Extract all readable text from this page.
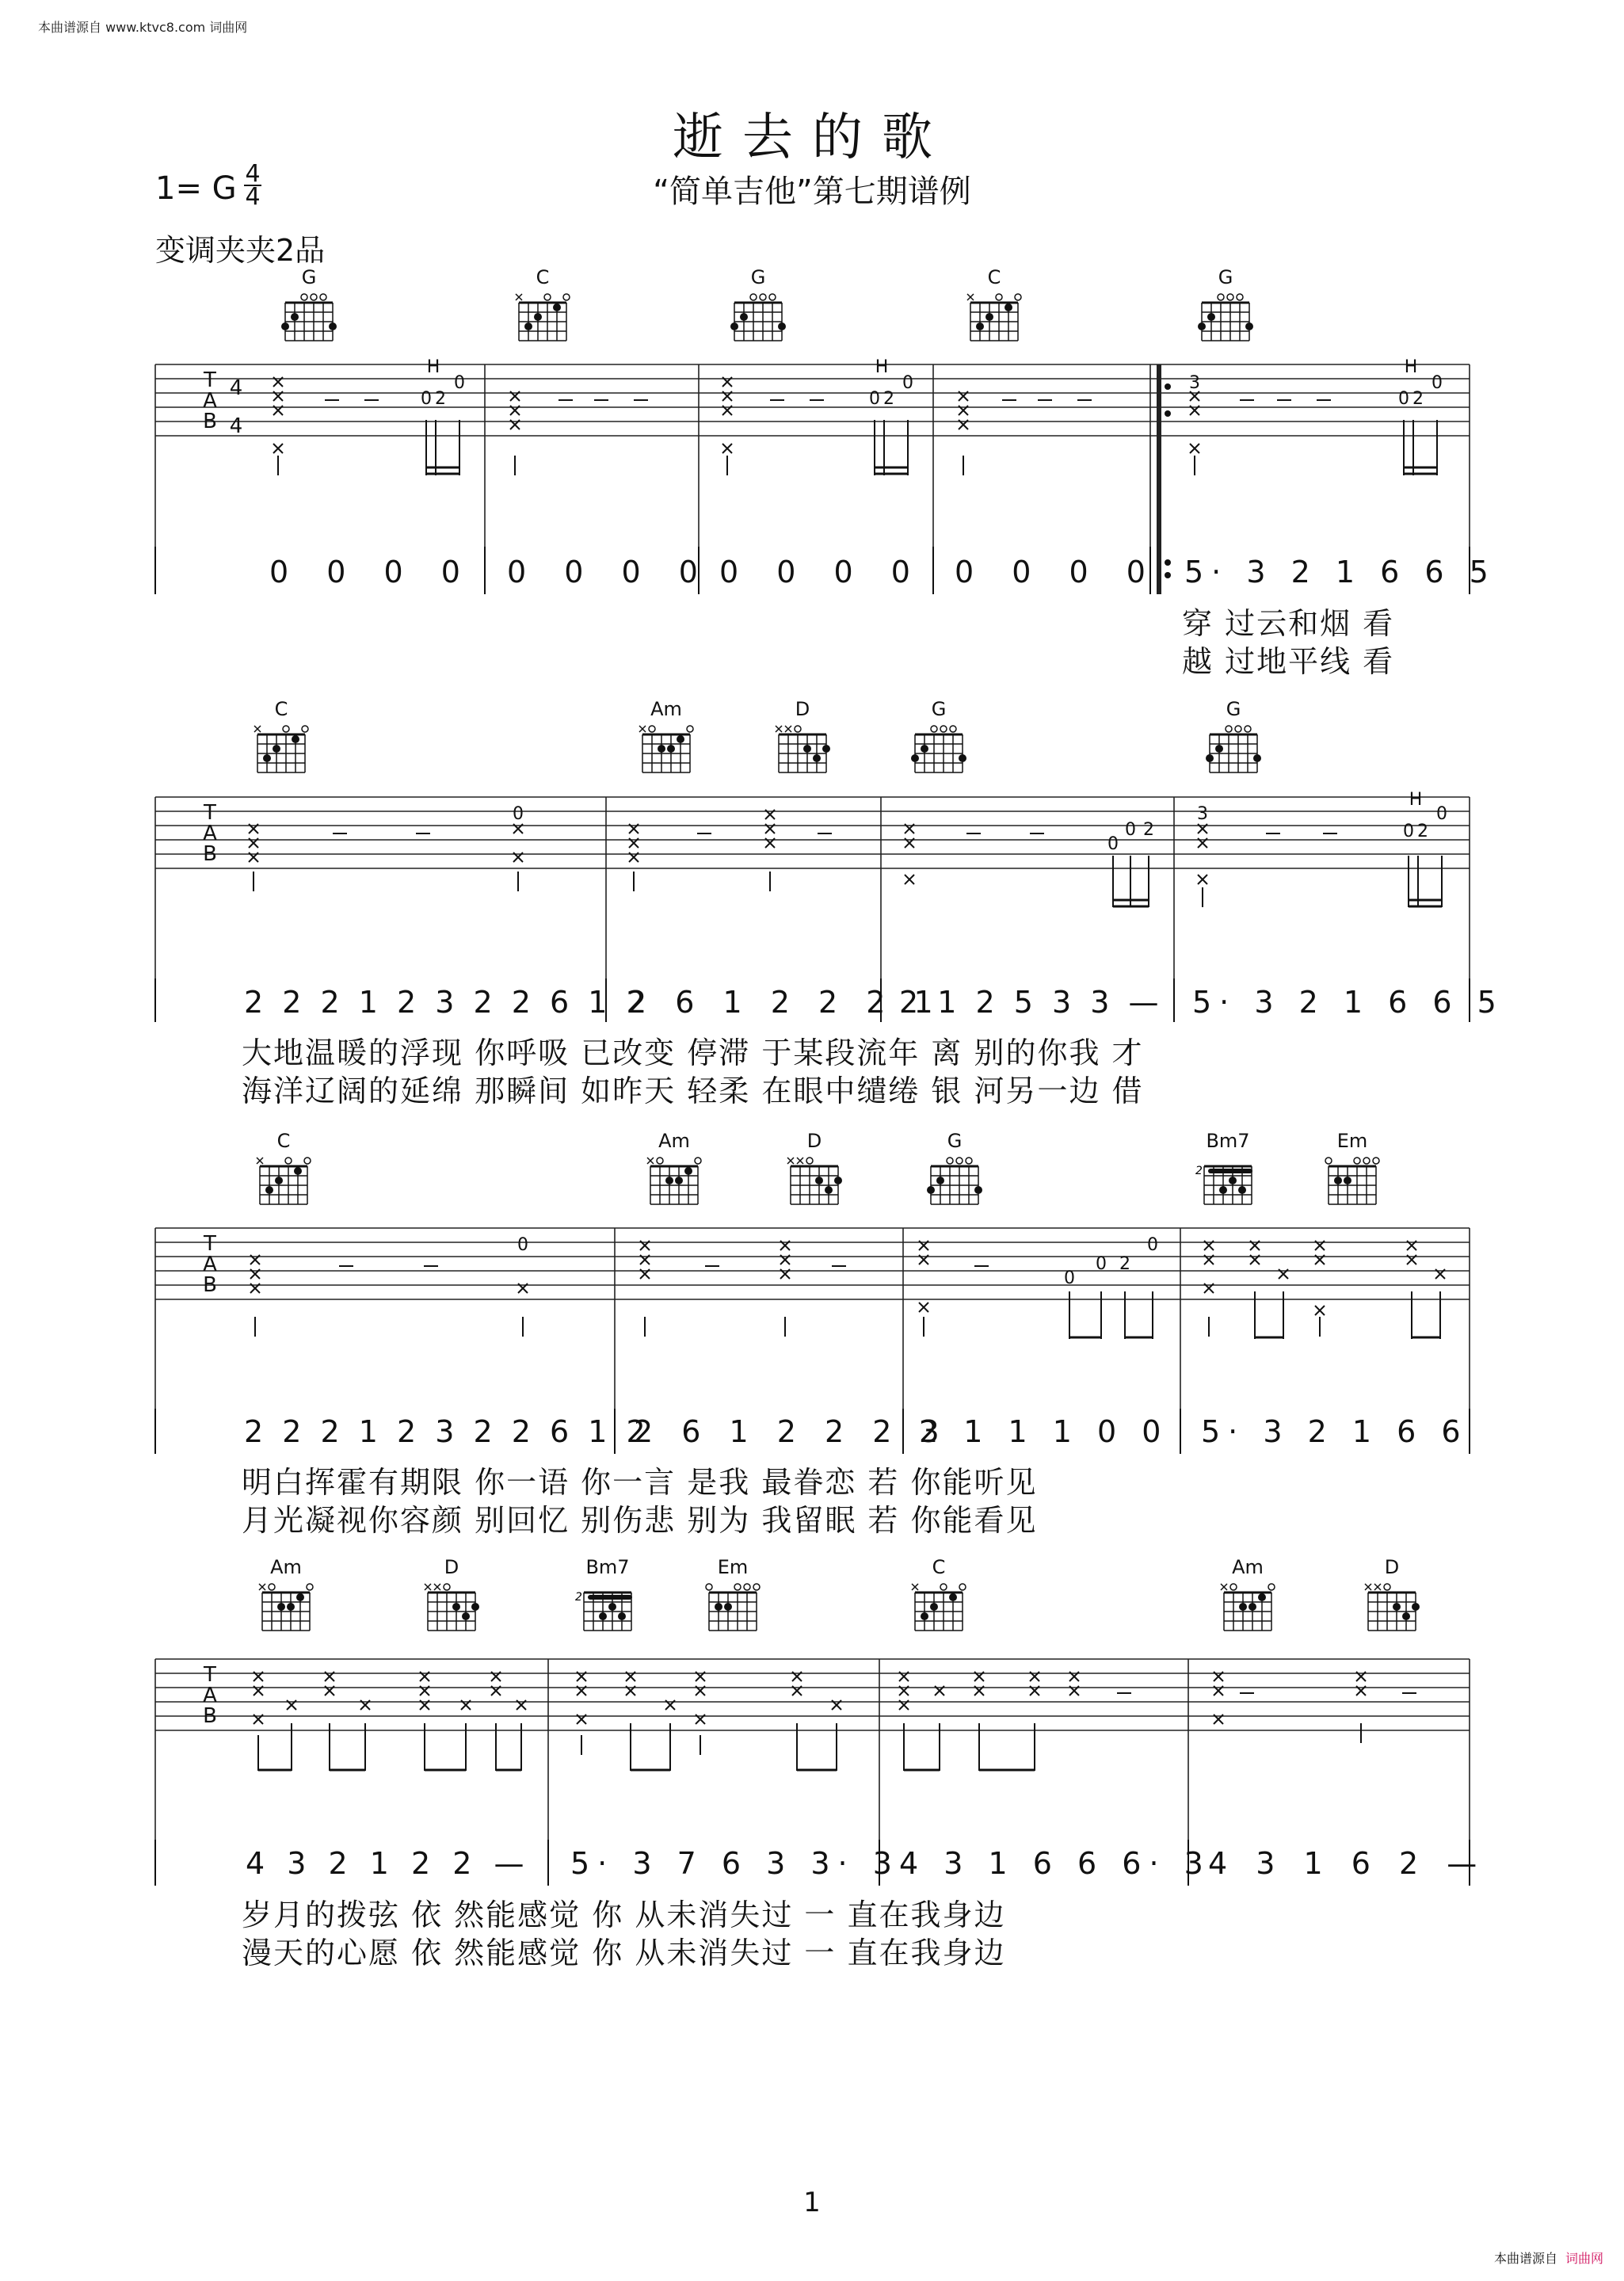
本曲谱源自 www.ktvc8.com 词曲网
逝去的歌
1= G 4
4	“简单吉他”第七期谱例
变调夹夹2品
G	C	G	C	G
T
A
B
4
4
H
0 2
0
H
0 2
0	3
H
0 2
0
0 0 0 0 0 0 0 0 0 0 0 0 0 0 0 0 5· 3 2 1 6 6 5
穿 过云和烟 看
越 过地平线 看
C	Am	D	G	G
T
A
B
0
0
0 2
3
H
0 2
0
2 2 2 1 2 3 2 2 6 1 2
2 6 1 2 2 2 1
2 1 2 5 3 3 — 5· 3 2 1 6 6 5
大地温暖的浮现 你呼吸 已改变 停滞 于某段流年 离 别的你我 才
海洋辽阔的延绵 那瞬间 如昨天 轻柔 在眼中缱绻 银 河另一边 借
C	Am	D	G	Bm7
2
Em
T
A
B
0
0
0 2
0
2 2 2 1 2 3 2 2 6 1 2
2 6 1 2 2 2 3
2 1 1 1 0 0 5· 3 2 1 6 6
明白挥霍有期限 你一语 你一言 是我 最眷恋 若 你能听见
月光凝视你容颜 别回忆 别伤悲 别为 我留眠 若 你能看见
Am	D	Bm7
2
Em	C	Am	D
T
A
B
4 3 2 1 2 2 — 5· 3 7 6 3 3· 3 4 3 1 6 6 6· 3
4 3 1 6 2 —
岁月的拨弦 依 然能感觉 你 从未消失过 一 直在我身边
漫天的心愿 依 然能感觉 你 从未消失过 一 直在我身边
1
本曲谱源自 词曲网
